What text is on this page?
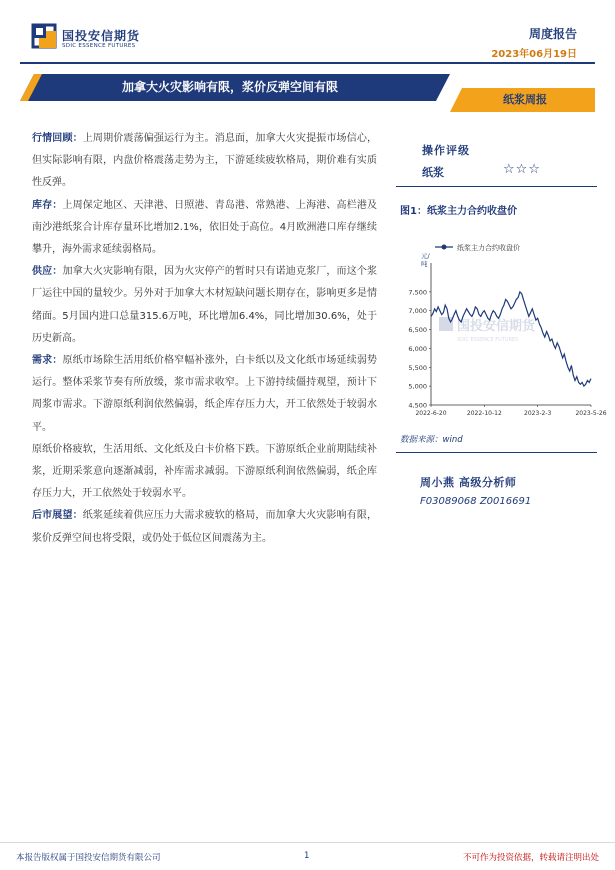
国投安信期货
SDIC ESSENCE FUTURES
周度报告
2023年06月19日
加拿大火灾影响有限，浆价反弹空间有限
纸浆周报

行情回顾：上周期价震荡偏强运行为主。消息面，加拿大火灾提振市场信心，但实际影响有限，内盘价格震荡走势为主，下游延续疲软格局，期价难有实质性反弹。

库存：上周保定地区、天津港、日照港、青岛港、常熟港、上海港、高栏港及南沙港纸浆合计库存量环比增加2.1%，依旧处于高位。4月欧洲港口库存继续攀升，海外需求延续弱格局。

供应：加拿大火灾影响有限，因为火灾停产的暂时只有诺迪克浆厂，而这个浆厂运往中国的量较少。另外对于加拿大木材短缺问题长期存在，影响更多是情绪面。5月国内进口总量315.6万吨，环比增加6.4%，同比增加30.6%，处于历史新高。

需求：原纸市场除生活用纸价格窄幅补涨外，白卡纸以及文化纸市场延续弱势运行。整体采浆节奏有所放缓，浆市需求收窄。上下游持续僵持观望，预计下周浆市需求。下游原纸利润依然偏弱，纸企库存压力大，开工依然处于较弱水平。

原纸价格疲软，生活用纸、文化纸及白卡价格下跌。下游原纸企业前期陆续补浆，近期采浆意向逐渐减弱，补库需求减弱。下游原纸利润依然偏弱，纸企库存压力大，开工依然处于较弱水平。

后市展望：纸浆延续着供应压力大需求疲软的格局，而加拿大火灾影响有限，浆价反弹空间也将受限，或仍处于低位区间震荡为主。

操作评级
纸浆	☆☆☆
图1：纸浆主力合约收盘价
国投安信期货
SDIC ESSENCE FUTURES
4,500
5,000
5,500
6,000
6,500
7,000
7,500
元/
吨
2022-6-20	2022-10-12	2023-2-3	2023-5-26
纸浆主力合约收盘价
数据来源：wind
周小燕 高级分析师
F03089068 Z0016691
本报告版权属于国投安信期货有限公司	1	不可作为投资依据，转载请注明出处
